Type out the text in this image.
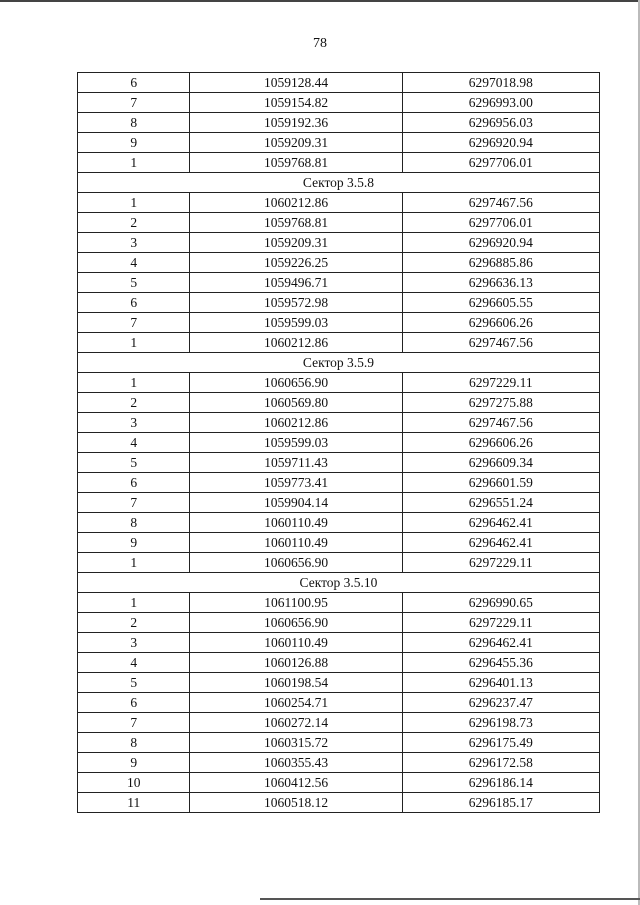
78
6	1059128.44	6297018.98
7	1059154.82	6296993.00
8	1059192.36	6296956.03
9	1059209.31	6296920.94
1	1059768.81	6297706.01
Сектор 3.5.8		
1	1060212.86	6297467.56
2	1059768.81	6297706.01
3	1059209.31	6296920.94
4	1059226.25	6296885.86
5	1059496.71	6296636.13
6	1059572.98	6296605.55
7	1059599.03	6296606.26
1	1060212.86	6297467.56
Сектор 3.5.9		
1	1060656.90	6297229.11
2	1060569.80	6297275.88
3	1060212.86	6297467.56
4	1059599.03	6296606.26
5	1059711.43	6296609.34
6	1059773.41	6296601.59
7	1059904.14	6296551.24
8	1060110.49	6296462.41
9	1060110.49	6296462.41
1	1060656.90	6297229.11
Сектор 3.5.10		
1	1061100.95	6296990.65
2	1060656.90	6297229.11
3	1060110.49	6296462.41
4	1060126.88	6296455.36
5	1060198.54	6296401.13
6	1060254.71	6296237.47
7	1060272.14	6296198.73
8	1060315.72	6296175.49
9	1060355.43	6296172.58
10	1060412.56	6296186.14
11	1060518.12	6296185.17
